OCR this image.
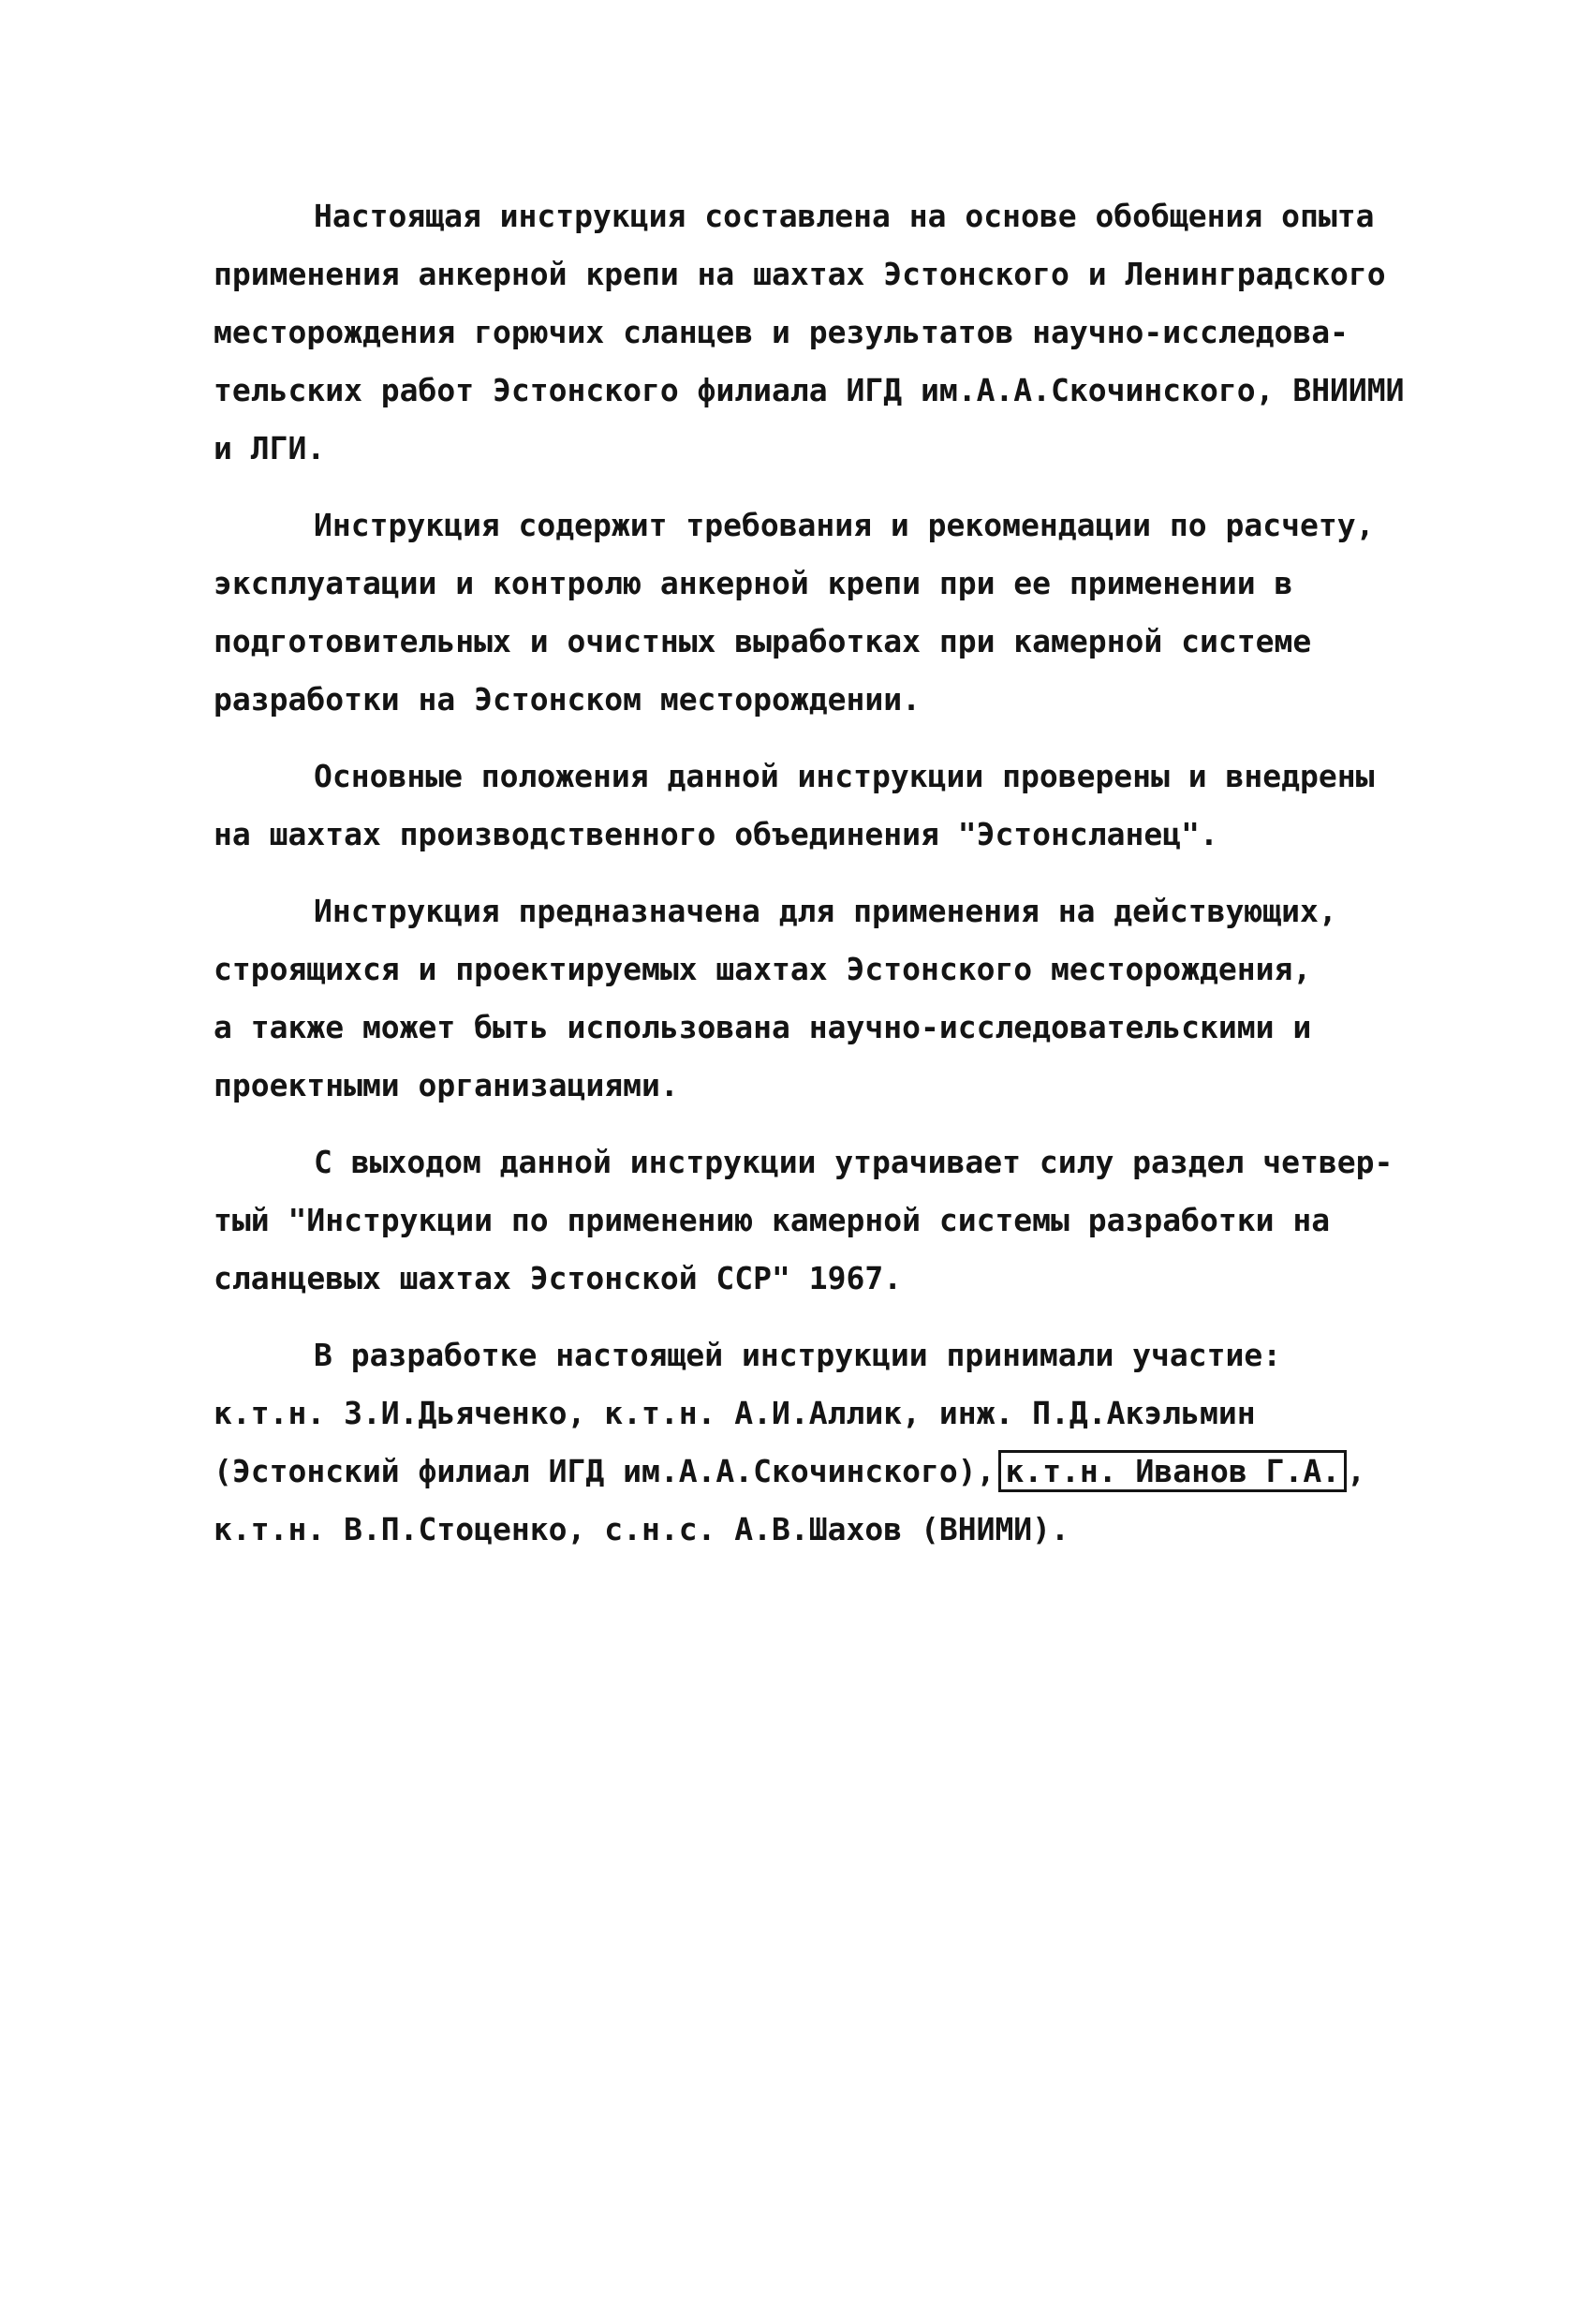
Настоящая инструкция составлена на основе обобщения опыта
применения анкерной крепи на шахтах Эстонского и Ленинградского
месторождения горючих сланцев и результатов научно-исследова-
тельских работ Эстонского филиала ИГД им.А.А.Скочинского, ВНИИМИ
и ЛГИ.
Инструкция содержит требования и рекомендации по расчету,
эксплуатации и контролю анкерной крепи при ее применении в
подготовительных и очистных выработках при камерной системе
разработки на Эстонском месторождении.
Основные положения данной инструкции проверены и внедрены
на шахтах производственного объединения "Эстонсланец".
Инструкция предназначена для применения на действующих,
строящихся и проектируемых шахтах Эстонского месторождения,
а также может быть использована научно-исследовательскими и
проектными организациями.
С выходом данной инструкции утрачивает силу раздел четвер-
тый "Инструкции по применению камерной системы разработки на
сланцевых шахтах Эстонской ССР" 1967.
В разработке настоящей инструкции принимали участие:
к.т.н. З.И.Дьяченко, к.т.н. А.И.Аллик, инж. П.Д.Акэльмин
(Эстонский филиал ИГД им.А.А.Скочинского), к.т.н. Иванов Г.А. ,
к.т.н. В.П.Стоценко, с.н.с. А.В.Шахов (ВНИМИ).
